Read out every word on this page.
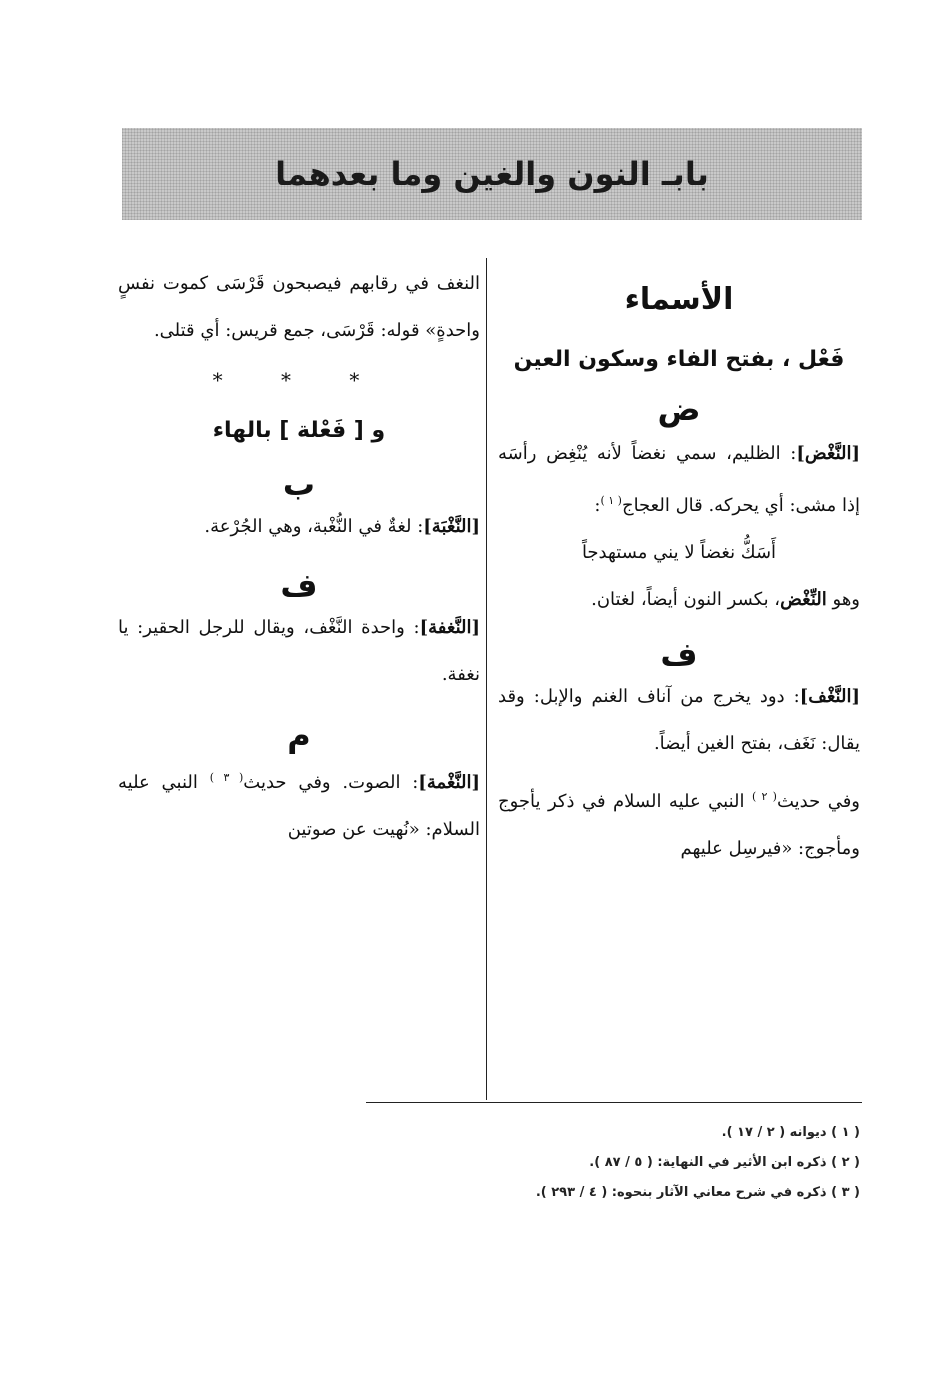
بابـ النون والغين وما بعدهما
الأسماء
فَعْل ، بفتح الفاء وسكون العين
ض
[النَّغْض]: الظليم، سمي نغضاً لأنه يُنْغِض رأسَه إذا مشى: أي يحركه. قال العجاج$^{( ١ )}$:
أَسَكُّ نغضاً لا يني مستهدجاً
وهو النِّغْض، بكسر النون أيضاً، لغتان.
ف
[النَّغْف]: دود يخرج من آناف الغنم والإبل: وقد يقال: نَغَف، بفتح الغين أيضاً.
وفي حديث$^{( ٢ )}$ النبي عليه السلام في ذكر يأجوج ومأجوج: «فيرسِل عليهم
النغف في رقابهم فيصبحون قَرْسَى كموت نفسٍ واحدةٍ» قوله: قَرْسَى، جمع قريس: أي قتلى.
* * *
و [ فَعْلة ] بالهاء
ب
[النَّغْبَة]: لغةٌ في النُّغْبة، وهي الجُرْعة.
ف
[النَّغفة]: واحدة النَّغْف، ويقال للرجل الحقير: يا نغفة.
م
[النَّغْمة]: الصوت. وفي حديث$^{( ٣ )}$ النبي عليه السلام: «نُهيت عن صوتين
( ١ ) ديوانه ( ٢ / ١٧ ).
( ٢ ) ذكره ابن الأثير في النهاية: ( ٥ / ٨٧ ).
( ٣ ) ذكره في شرح معاني الآثار بنحوه: ( ٤ / ٢٩٣ ).
